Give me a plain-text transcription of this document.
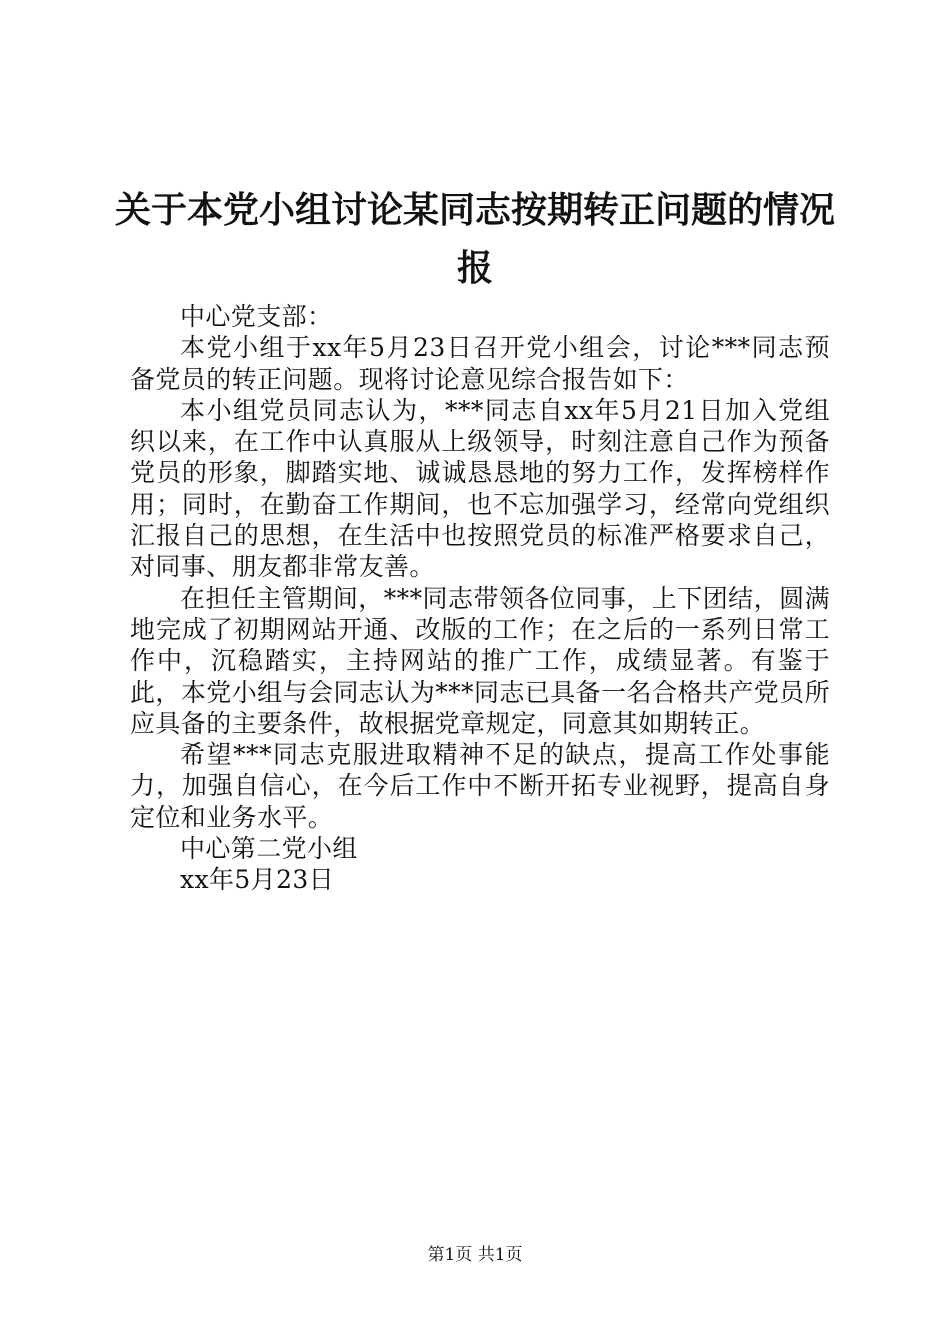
关于本党小组讨论某同志按期转正问题的情况
报

中心党支部：

本党小组于xx年5月23日召开党小组会，讨论***同志预备党员的转正问题。现将讨论意见综合报告如下：

本小组党员同志认为，***同志自xx年5月21日加入党组织以来，在工作中认真服从上级领导，时刻注意自己作为预备党员的形象，脚踏实地、诚诚恳恳地的努力工作，发挥榜样作用；同时，在勤奋工作期间，也不忘加强学习，经常向党组织汇报自己的思想，在生活中也按照党员的标准严格要求自己，对同事、朋友都非常友善。

在担任主管期间，***同志带领各位同事，上下团结，圆满地完成了初期网站开通、改版的工作；在之后的一系列日常工作中，沉稳踏实，主持网站的推广工作，成绩显著。有鉴于此，本党小组与会同志认为***同志已具备一名合格共产党员所应具备的主要条件，故根据党章规定，同意其如期转正。

希望***同志克服进取精神不足的缺点，提高工作处事能力，加强自信心，在今后工作中不断开拓专业视野，提高自身定位和业务水平。

中心第二党小组

xx年5月23日

第1页 共1页
